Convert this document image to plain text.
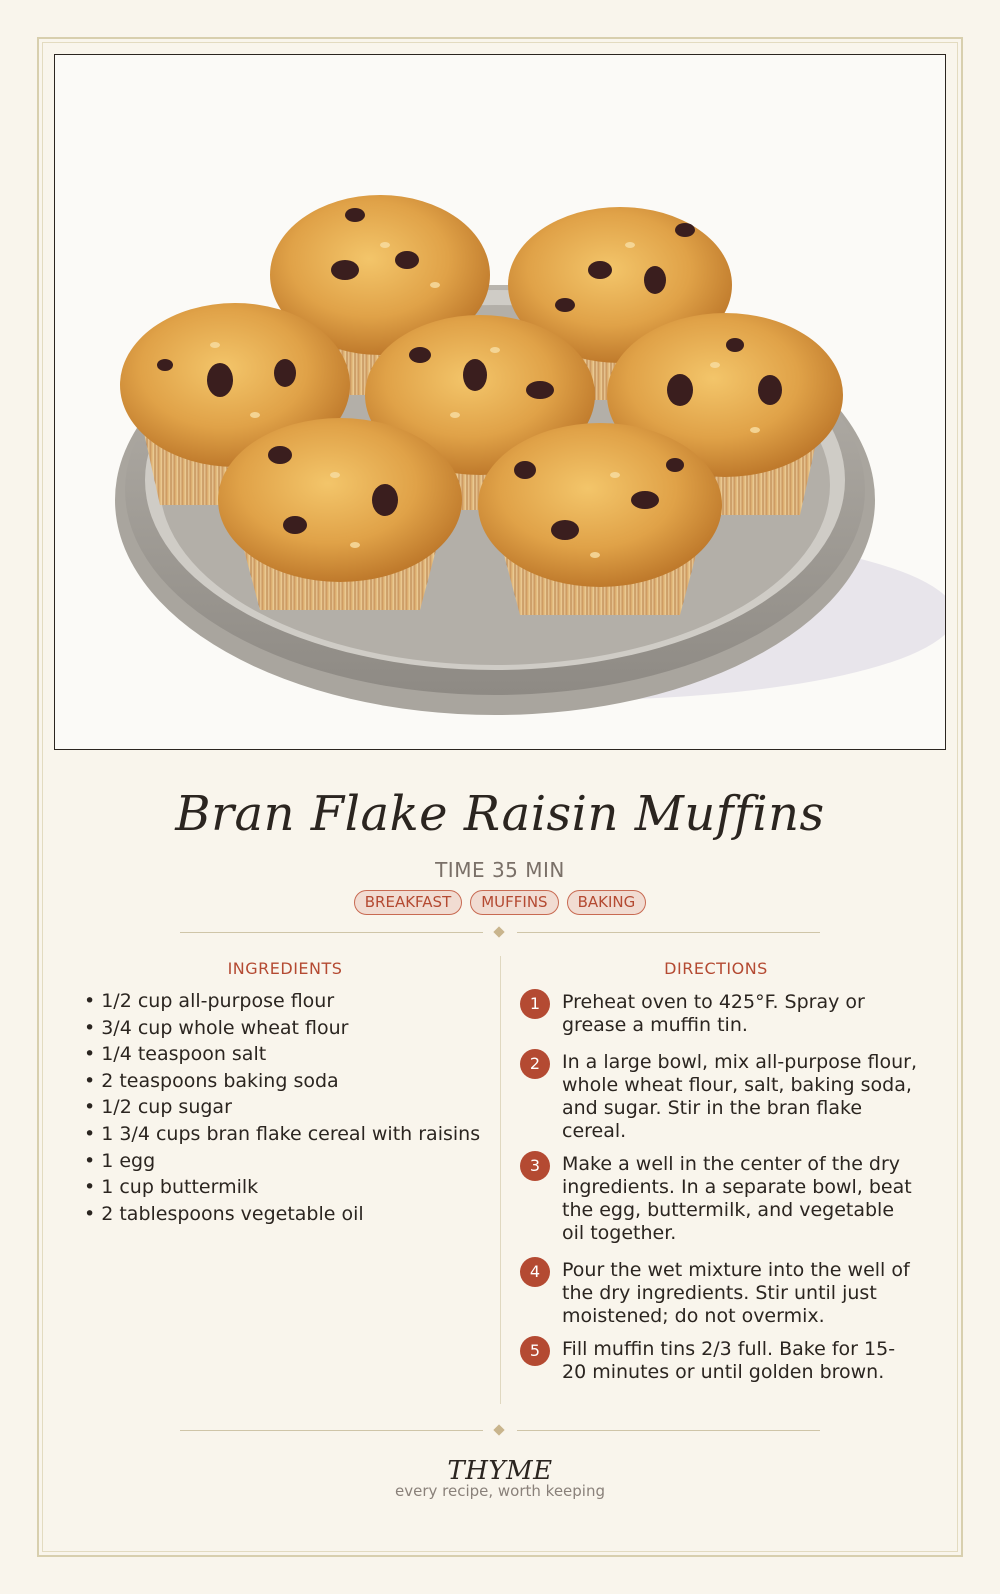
Bran Flake Raisin Muffins
TIME 35 MIN
BREAKFAST MUFFINS BAKING
INGREDIENTS
• 1/2 cup all-purpose flour
• 3/4 cup whole wheat flour
• 1/4 teaspoon salt
• 2 teaspoons baking soda
• 1/2 cup sugar
• 1 3/4 cups bran flake cereal with raisins
• 1 egg
• 1 cup buttermilk
• 2 tablespoons vegetable oil
DIRECTIONS
1	Preheat oven to 425°F. Spray or grease a muffin tin.
2	In a large bowl, mix all-purpose flour, whole wheat flour, salt, baking soda, and sugar. Stir in the bran flake cereal.
3	Make a well in the center of the dry ingredients. In a separate bowl, beat the egg, buttermilk, and vegetable oil together.
4	Pour the wet mixture into the well of the dry ingredients. Stir until just moistened; do not overmix.
5	Fill muffin tins 2/3 full. Bake for 15-20 minutes or until golden brown.
THYME
every recipe, worth keeping
